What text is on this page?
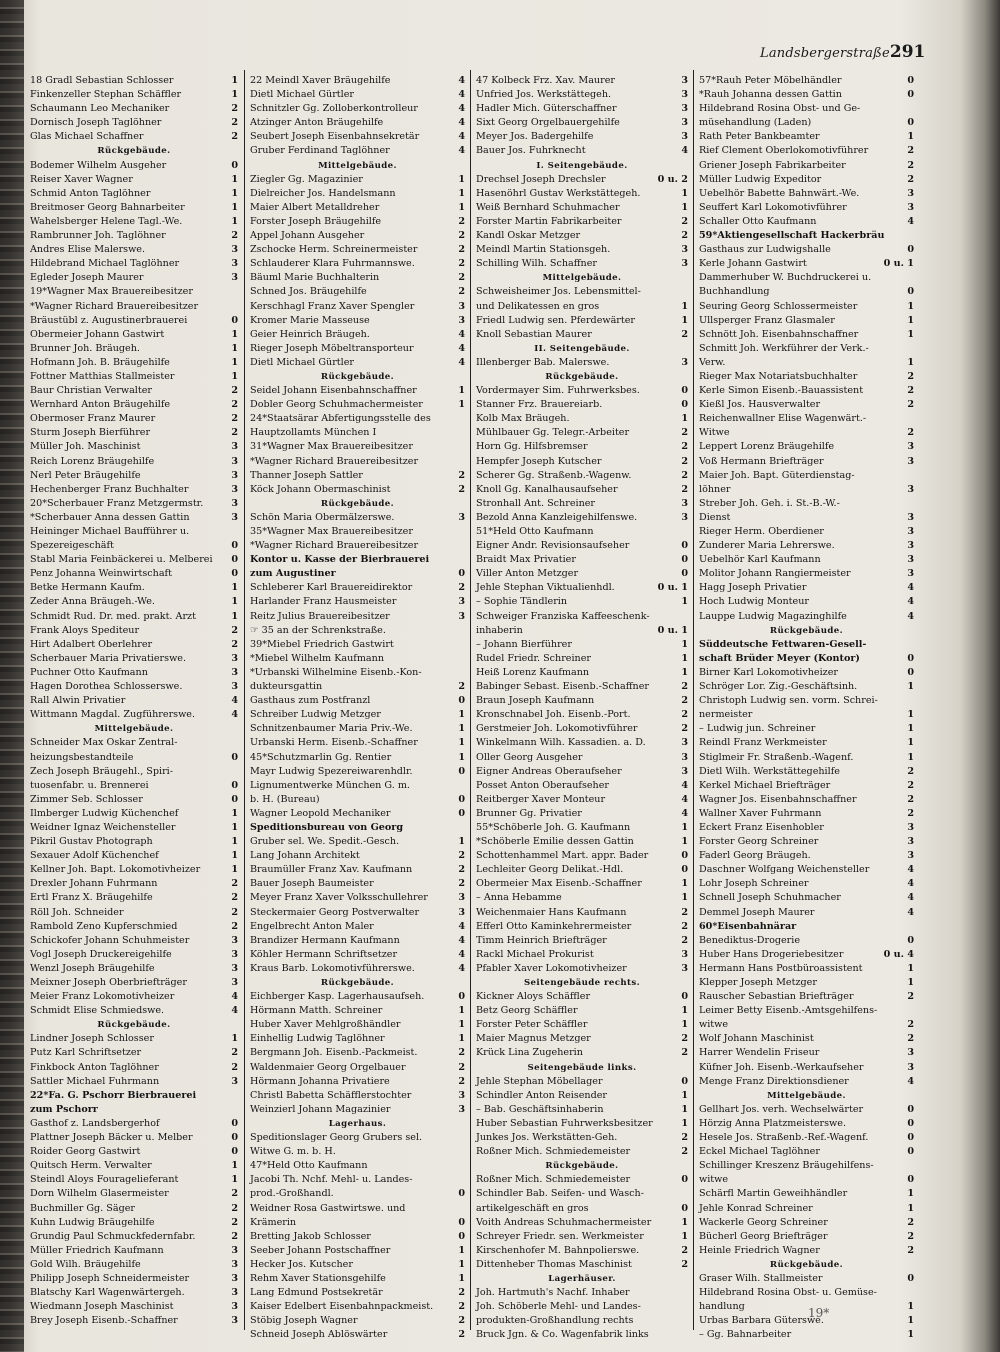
Landsbergerstraße 291
18 Gradl Sebastian Schlosser	1
Finkenzeller Stephan Schäffler	1
Schaumann Leo Mechaniker	2
Dornisch Joseph Taglöhner	2
Glas Michael Schaffner	2
Rückgebäude.
Bodemer Wilhelm Ausgeher	0
Reiser Xaver Wagner	1
Schmid Anton Taglöhner	1
Breitmoser Georg Bahnarbeiter	1
Wahelsberger Helene Tagl.-We.	1
Rambrunner Joh. Taglöhner	2
Andres Elise Malerswe.	3
Hildebrand Michael Taglöhner	3
Egleder Joseph Maurer	3
19*Wagner Max Brauereibesitzer
*Wagner Richard Brauereibesitzer
Bräustübl z. Augustinerbrauerei	0
Obermeier Johann Gastwirt	1
Brunner Joh. Bräugeh.	1
Hofmann Joh. B. Bräugehilfe	1
Fottner Matthias Stallmeister	1
Baur Christian Verwalter	2
Wernhard Anton Bräugehilfe	2
Obermoser Franz Maurer	2
Sturm Joseph Bierführer	2
Müller Joh. Maschinist	3
Reich Lorenz Bräugehilfe	3
Nerl Peter Bräugehilfe	3
Hechenberger Franz Buchhalter	3
20*Scherbauer Franz Metzgermstr.	3
*Scherbauer Anna dessen Gattin	3
Heininger Michael Baufführer u.
Spezereigeschäft	0
Stabl Maria Feinbäckerei u. Melberei	0
Penz Johanna Weinwirtschaft	0
Betke Hermann Kaufm.	1
Zeder Anna Bräugeh.-We.	1
Schmidt Rud. Dr. med. prakt. Arzt	1
Frank Aloys Spediteur	2
Hirt Adalbert Oberlehrer	2
Scherbauer Maria Privatierswe.	3
Puchner Otto Kaufmann	3
Hagen Dorothea Schlosserswe.	3
Rall Alwin Privatier	4
Wittmann Magdal. Zugführerswe.	4
Mittelgebäude.
Schneider Max Oskar Zentral-
heizungsbestandteile	0
Zech Joseph Bräugehl., Spiri-
tuosenfabr. u. Brennerei	0
Zimmer Seb. Schlosser	0
Ilmberger Ludwig Küchenchef	1
Weidner Ignaz Weichensteller	1
Pikril Gustav Photograph	1
Sexauer Adolf Küchenchef	1
Kellner Joh. Bapt. Lokomotivheizer	1
Drexler Johann Fuhrmann	2
Ertl Franz X. Bräugehilfe	2
Röll Joh. Schneider	2
Rambold Zeno Kupferschmied	2
Schickofer Johann Schuhmeister	3
Vogl Joseph Druckereigehilfe	3
Wenzl Joseph Bräugehilfe	3
Meixner Joseph Oberbriefträger	3
Meier Franz Lokomotivheizer	4
Schmidt Elise Schmiedswe.	4
Rückgebäude.
Lindner Joseph Schlosser	1
Putz Karl Schriftsetzer	2
Finkbock Anton Taglöhner	2
Sattler Michael Fuhrmann	3
22*Fa. G. Pschorr Bierbrauerei
zum Pschorr
Gasthof z. Landsbergerhof	0
Plattner Joseph Bäcker u. Melber	0
Roider Georg Gastwirt	0
Quitsch Herm. Verwalter	1
Steindl Aloys Fouragelieferant	1
Dorn Wilhelm Glasermeister	2
Buchmiller Gg. Säger	2
Kuhn Ludwig Bräugehilfe	2
Grundig Paul Schmuckfedernfabr.	2
Müller Friedrich Kaufmann	3
Gold Wilh. Bräugehilfe	3
Philipp Joseph Schneidermeister	3
Blatschy Karl Wagenwärtergeh.	3
Wiedmann Joseph Maschinist	3
Brey Joseph Eisenb.-Schaffner	3
22 Meindl Xaver Bräugehilfe	4
Dietl Michael Gürtler	4
Schnitzler Gg. Zolloberkontrolleur	4
Atzinger Anton Bräugehilfe	4
Seubert Joseph Eisenbahnsekretär	4
Gruber Ferdinand Taglöhner	4
Mittelgebäude.
Ziegler Gg. Magazinier	1
Dielreicher Jos. Handelsmann	1
Maier Albert Metalldreher	1
Forster Joseph Bräugehilfe	2
Appel Johann Ausgeher	2
Zschocke Herm. Schreinermeister	2
Schlauderer Klara Fuhrmannswe.	2
Bäuml Marie Buchhalterin	2
Schned Jos. Bräugehilfe	2
Kerschhagl Franz Xaver Spengler	3
Kromer Marie Masseuse	3
Geier Heinrich Bräugeh.	4
Rieger Joseph Möbeltransporteur	4
Dietl Michael Gürtler	4
Rückgebäude.
Seidel Johann Eisenbahnschaffner	1
Dobler Georg Schuhmachermeister	1
24*Staatsärar Abfertigungsstelle des
Hauptzollamts München I
31*Wagner Max Brauereibesitzer
*Wagner Richard Brauereibesitzer
Thanner Joseph Sattler	2
Köck Johann Obermaschinist	2
Rückgebäude.
Schön Maria Obermälzerswe.	3
35*Wagner Max Brauereibesitzer
*Wagner Richard Brauereibesitzer
Kontor u. Kasse der Bierbrauerei
zum Augustiner	0
Schleberer Karl Brauereidirektor	2
Harlander Franz Hausmeister	3
Reitz Julius Brauereibesitzer	3
☞ 35 an der Schrenkstraße.
39*Miebel Friedrich Gastwirt
*Miebel Wilhelm Kaufmann
*Urbanski Wilhelmine Eisenb.-Kon-
dukteursgattin	2
Gasthaus zum Postfranzl	0
Schreiber Ludwig Metzger	1
Schnitzenbaumer Maria Priv.-We.	1
Urbanski Herm. Eisenb.-Schaffner	1
45*Schutzmarlin Gg. Rentier	1
Mayr Ludwig Spezereiwarenhdlr.	0
Lignumentwerke München G. m.
b. H. (Bureau)	0
Wagner Leopold Mechaniker	0
Speditionsbureau von Georg
Gruber sel. We. Spedit.-Gesch.	1
Lang Johann Architekt	2
Braumüller Franz Xav. Kaufmann	2
Bauer Joseph Baumeister	2
Meyer Franz Xaver Volksschullehrer	3
Steckermaier Georg Postverwalter	3
Engelbrecht Anton Maler	4
Brandizer Hermann Kaufmann	4
Köhler Hermann Schriftsetzer	4
Kraus Barb. Lokomotivführerswe.	4
Rückgebäude.
Eichberger Kasp. Lagerhausaufseh.	0
Hörmann Matth. Schreiner	1
Huber Xaver Mehlgroßhändler	1
Einhellig Ludwig Taglöhner	1
Bergmann Joh. Eisenb.-Packmeist.	2
Waldenmaier Georg Orgelbauer	2
Hörmann Johanna Privatiere	2
Christl Babetta Schäfflerstochter	3
Weinzierl Johann Magazinier	3
Lagerhaus.
Speditionslager Georg Grubers sel.
Witwe G. m. b. H.
47*Held Otto Kaufmann
Jacobi Th. Nchf. Mehl- u. Landes-
prod.-Großhandl.	0
Weidner Rosa Gastwirtswe. und
Krämerin	0
Bretting Jakob Schlosser	0
Seeber Johann Postschaffner	1
Hecker Jos. Kutscher	1
Rehm Xaver Stationsgehilfe	1
Lang Edmund Postsekretär	2
Kaiser Edelbert Eisenbahnpackmeist.	2
Stöbig Joseph Wagner	2
Schneid Joseph Ablöswärter	2
47 Kolbeck Frz. Xav. Maurer	3
Unfried Jos. Werkstättegeh.	3
Hadler Mich. Güterschaffner	3
Sixt Georg Orgelbauergehilfe	3
Meyer Jos. Badergehilfe	3
Bauer Jos. Fuhrknecht	4
I. Seitengebäude.
Drechsel Joseph Drechsler	0 u. 2
Hasenöhrl Gustav Werkstättegeh.	1
Weiß Bernhard Schuhmacher	1
Forster Martin Fabrikarbeiter	2
Kandl Oskar Metzger	2
Meindl Martin Stationsgeh.	3
Schilling Wilh. Schaffner	3
Mittelgebäude.
Schweisheimer Jos. Lebensmittel-
und Delikatessen en gros	1
Friedl Ludwig sen. Pferdewärter	1
Knoll Sebastian Maurer	2
II. Seitengebäude.
Illenberger Bab. Malerswe.	3
Rückgebäude.
Vordermayer Sim. Fuhrwerksbes.	0
Stanner Frz. Brauereiarb.	0
Kolb Max Bräugeh.	1
Mühlbauer Gg. Telegr.-Arbeiter	2
Horn Gg. Hilfsbremser	2
Hempfer Joseph Kutscher	2
Scherer Gg. Straßenb.-Wagenw.	2
Knoll Gg. Kanalhausaufseher	2
Stronhall Ant. Schreiner	3
Bezold Anna Kanzleigehilfenswe.	3
51*Held Otto Kaufmann
Eigner Andr. Revisionsaufseher	0
Braidt Max Privatier	0
Viller Anton Metzger	0
Jehle Stephan Viktualienhdl.	0 u. 1
– Sophie Tändlerin	1
Schweiger Franziska Kaffeeschenk-
inhaberin	0 u. 1
– Johann Bierführer	1
Rudel Friedr. Schreiner	1
Heiß Lorenz Kaufmann	1
Babinger Sebast. Eisenb.-Schaffner	2
Braun Joseph Kaufmann	2
Kronschnabel Joh. Eisenb.-Port.	2
Gerstmeier Joh. Lokomotivführer	2
Winkelmann Wilh. Kassadien. a. D.	3
Oller Georg Ausgeher	3
Eigner Andreas Oberaufseher	3
Posset Anton Oberaufseher	4
Reitberger Xaver Monteur	4
Brunner Gg. Privatier	4
55*Schöberle Joh. G. Kaufmann	1
*Schöberle Emilie dessen Gattin	1
Schottenhammel Mart. appr. Bader	0
Lechleiter Georg Delikat.-Hdl.	0
Obermeier Max Eisenb.-Schaffner	1
– Anna Hebamme	1
Weichenmaier Hans Kaufmann	2
Efferl Otto Kaminkehrermeister	2
Timm Heinrich Briefträger	2
Rackl Michael Prokurist	3
Pfabler Xaver Lokomotivheizer	3
Seitengebäude rechts.
Kickner Aloys Schäffler	0
Betz Georg Schäffler	1
Forster Peter Schäffler	1
Maier Magnus Metzger	2
Krück Lina Zugeherin	2
Seitengebäude links.
Jehle Stephan Möbellager	0
Schindler Anton Reisender	1
– Bab. Geschäftsinhaberin	1
Huber Sebastian Fuhrwerksbesitzer	1
Junkes Jos. Werkstätten-Geh.	2
Roßner Mich. Schmiedemeister	2
Rückgebäude.
Roßner Mich. Schmiedemeister	0
Schindler Bab. Seifen- und Wasch-
artikelgeschäft en gros	0
Voith Andreas Schuhmachermeister	1
Schreyer Friedr. sen. Werkmeister	1
Kirschenhofer M. Bahnpolierswe.	2
Dittenheber Thomas Maschinist	2
Lagerhäuser.
Joh. Hartmuth's Nachf. Inhaber
Joh. Schöberle Mehl- und Landes-
produkten-Großhandlung rechts
Bruck Jgn. & Co. Wagenfabrik links
57*Rauh Peter Möbelhändler	0
*Rauh Johanna dessen Gattin	0
Hildebrand Rosina Obst- und Ge-
müsehandlung (Laden)	0
Rath Peter Bankbeamter	1
Rief Clement Oberlokomotivführer	2
Griener Joseph Fabrikarbeiter	2
Müller Ludwig Expeditor	2
Uebelhör Babette Bahnwärt.-We.	3
Seuffert Karl Lokomotivführer	3
Schaller Otto Kaufmann	4
59*Aktiengesellschaft Hackerbräu
Gasthaus zur Ludwigshalle	0
Kerle Johann Gastwirt	0 u. 1
Dammerhuber W. Buchdruckerei u.
Buchhandlung	0
Seuring Georg Schlossermeister	1
Ullsperger Franz Glasmaler	1
Schnött Joh. Eisenbahnschaffner	1
Schmitt Joh. Werkführer der Verk.-
Verw.	1
Rieger Max Notariatsbuchhalter	2
Kerle Simon Eisenb.-Bauassistent	2
Kießl Jos. Hausverwalter	2
Reichenwallner Elise Wagenwärt.-
Witwe	2
Leppert Lorenz Bräugehilfe	3
Voß Hermann Briefträger	3
Maier Joh. Bapt. Güterdienstag-
löhner	3
Streber Joh. Geh. i. St.-B.-W.-
Dienst	3
Rieger Herm. Oberdiener	3
Zunderer Maria Lehrerswe.	3
Uebelhör Karl Kaufmann	3
Molitor Johann Rangiermeister	3
Hagg Joseph Privatier	4
Hoch Ludwig Monteur	4
Lauppe Ludwig Magazinghilfe	4
Rückgebäude.
Süddeutsche Fettwaren-Gesell-
schaft Brüder Meyer (Kontor)	0
Birner Karl Lokomotivheizer	0
Schröger Lor. Zig.-Geschäftsinh.	1
Christoph Ludwig sen. vorm. Schrei-
nermeister	1
– Ludwig jun. Schreiner	1
Reindl Franz Werkmeister	1
Stiglmeir Fr. Straßenb.-Wagenf.	1
Dietl Wilh. Werkstättegehilfe	2
Kerkel Michael Briefträger	2
Wagner Jos. Eisenbahnschaffner	2
Wallner Xaver Fuhrmann	2
Eckert Franz Eisenhobler	3
Forster Georg Schreiner	3
Faderl Georg Bräugeh.	3
Daschner Wolfgang Weichensteller	4
Lohr Joseph Schreiner	4
Schnell Joseph Schuhmacher	4
Demmel Joseph Maurer	4
60*Eisenbahnärar
Benediktus-Drogerie	0
Huber Hans Drogeriebesitzer	0 u. 4
Hermann Hans Postbüroassistent	1
Klepper Joseph Metzger	1
Rauscher Sebastian Briefträger	2
Leimer Betty Eisenb.-Amtsgehilfens-
witwe	2
Wolf Johann Maschinist	2
Harrer Wendelin Friseur	3
Küfner Joh. Eisenb.-Werkaufseher	3
Menge Franz Direktionsdiener	4
Mittelgebäude.
Gellhart Jos. verh. Wechselwärter	0
Hörzig Anna Platzmeisterswe.	0
Hesele Jos. Straßenb.-Ref.-Wagenf.	0
Eckel Michael Taglöhner	0
Schillinger Kreszenz Bräugehilfens-
witwe	0
Schärfl Martin Geweihhändler	1
Jehle Konrad Schreiner	1
Wackerle Georg Schreiner	2
Bücherl Georg Briefträger	2
Heinle Friedrich Wagner	2
Rückgebäude.
Graser Wilh. Stallmeister	0
Hildebrand Rosina Obst- u. Gemüse-
handlung	1
Urbas Barbara Güterswe.	1
– Gg. Bahnarbeiter	1
19*
